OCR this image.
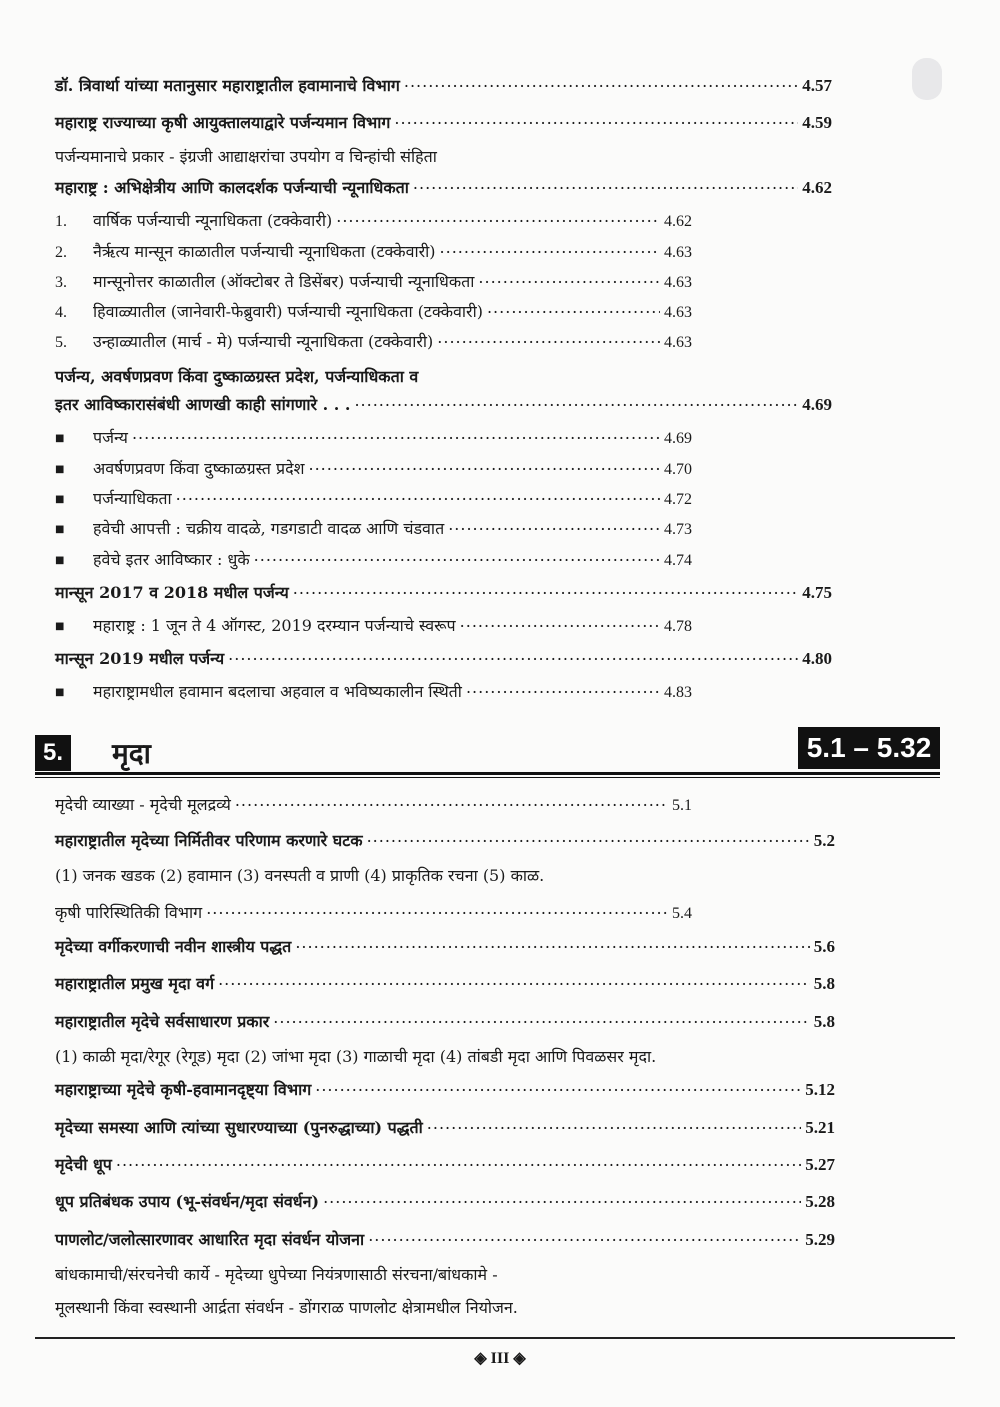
डॉ. त्रिवार्था यांच्या मतानुसार महाराष्ट्रातील हवामानाचे विभाग .....	4.57
महाराष्ट्र राज्याच्या कृषी आयुक्तालयाद्वारे पर्जन्यमान विभाग .....	4.59
पर्जन्यमानाचे प्रकार - इंग्रजी आद्याक्षरांचा उपयोग व चिन्हांची संहिता
महाराष्ट्र : अभिक्षेत्रीय आणि कालदर्शक पर्जन्याची न्यूनाधिकता .....	4.62
1.	वार्षिक पर्जन्याची न्यूनाधिकता (टक्केवारी) .....	4.62
2.	नैर्ऋत्य मान्सून काळातील पर्जन्याची न्यूनाधिकता (टक्केवारी) .....	4.63
3.	मान्सूनोत्तर काळातील (ऑक्टोबर ते डिसेंबर) पर्जन्याची न्यूनाधिकता .....	4.63
4.	हिवाळ्यातील (जानेवारी-फेब्रुवारी) पर्जन्याची न्यूनाधिकता (टक्केवारी) .....	4.63
5.	उन्हाळ्यातील (मार्च - मे) पर्जन्याची न्यूनाधिकता (टक्केवारी) .....	4.63
पर्जन्य, अवर्षणप्रवण किंवा दुष्काळग्रस्त प्रदेश, पर्जन्याधिकता व
इतर आविष्कारासंबंधी आणखी काही सांगणारे . . . .....	4.69
■	पर्जन्य .....	4.69
■	अवर्षणप्रवण किंवा दुष्काळग्रस्त प्रदेश .....	4.70
■	पर्जन्याधिकता .....	4.72
■	हवेची आपत्ती : चक्रीय वादळे, गडगडाटी वादळ आणि चंडवात .....	4.73
■	हवेचे इतर आविष्कार : धुके .....	4.74
मान्सून 2017 व 2018 मधील पर्जन्य .....	4.75
■	महाराष्ट्र : 1 जून ते 4 ऑगस्ट, 2019 दरम्यान पर्जन्याचे स्वरूप .....	4.78
मान्सून 2019 मधील पर्जन्य .....	4.80
■	महाराष्ट्रामधील हवामान बदलाचा अहवाल व भविष्यकालीन स्थिती .....	4.83
5. मृदा	5.1 – 5.32
मृदेची व्याख्या - मृदेची मूलद्रव्ये .....	5.1
महाराष्ट्रातील मृदेच्या निर्मितीवर परिणाम करणारे घटक .....	5.2
(1) जनक खडक (2) हवामान (3) वनस्पती व प्राणी (4) प्राकृतिक रचना (5) काळ.
कृषी पारिस्थितिकी विभाग .....	5.4
मृदेच्या वर्गीकरणाची नवीन शास्त्रीय पद्धत .....	5.6
महाराष्ट्रातील प्रमुख मृदा वर्ग .....	5.8
महाराष्ट्रातील मृदेचे सर्वसाधारण प्रकार .....	5.8
(1) काळी मृदा/रेगूर (रेगूड) मृदा (2) जांभा मृदा (3) गाळाची मृदा (4) तांबडी मृदा आणि पिवळसर मृदा.
महाराष्ट्राच्या मृदेचे कृषी-हवामानदृष्ट्या विभाग .....	5.12
मृदेच्या समस्या आणि त्यांच्या सुधारण्याच्या (पुनरुद्धाच्या) पद्धती .....	5.21
मृदेची धूप .....	5.27
धूप प्रतिबंधक उपाय (भू-संवर्धन/मृदा संवर्धन) .....	5.28
पाणलोट/जलोत्सारणावर आधारित मृदा संवर्धन योजना .....	5.29
बांधकामाची/संरचनेची कार्ये - मृदेच्या धुपेच्या नियंत्रणासाठी संरचना/बांधकामे -
मूलस्थानी किंवा स्वस्थानी आर्द्रता संवर्धन - डोंगराळ पाणलोट क्षेत्रामधील नियोजन.
◈ III ◈
